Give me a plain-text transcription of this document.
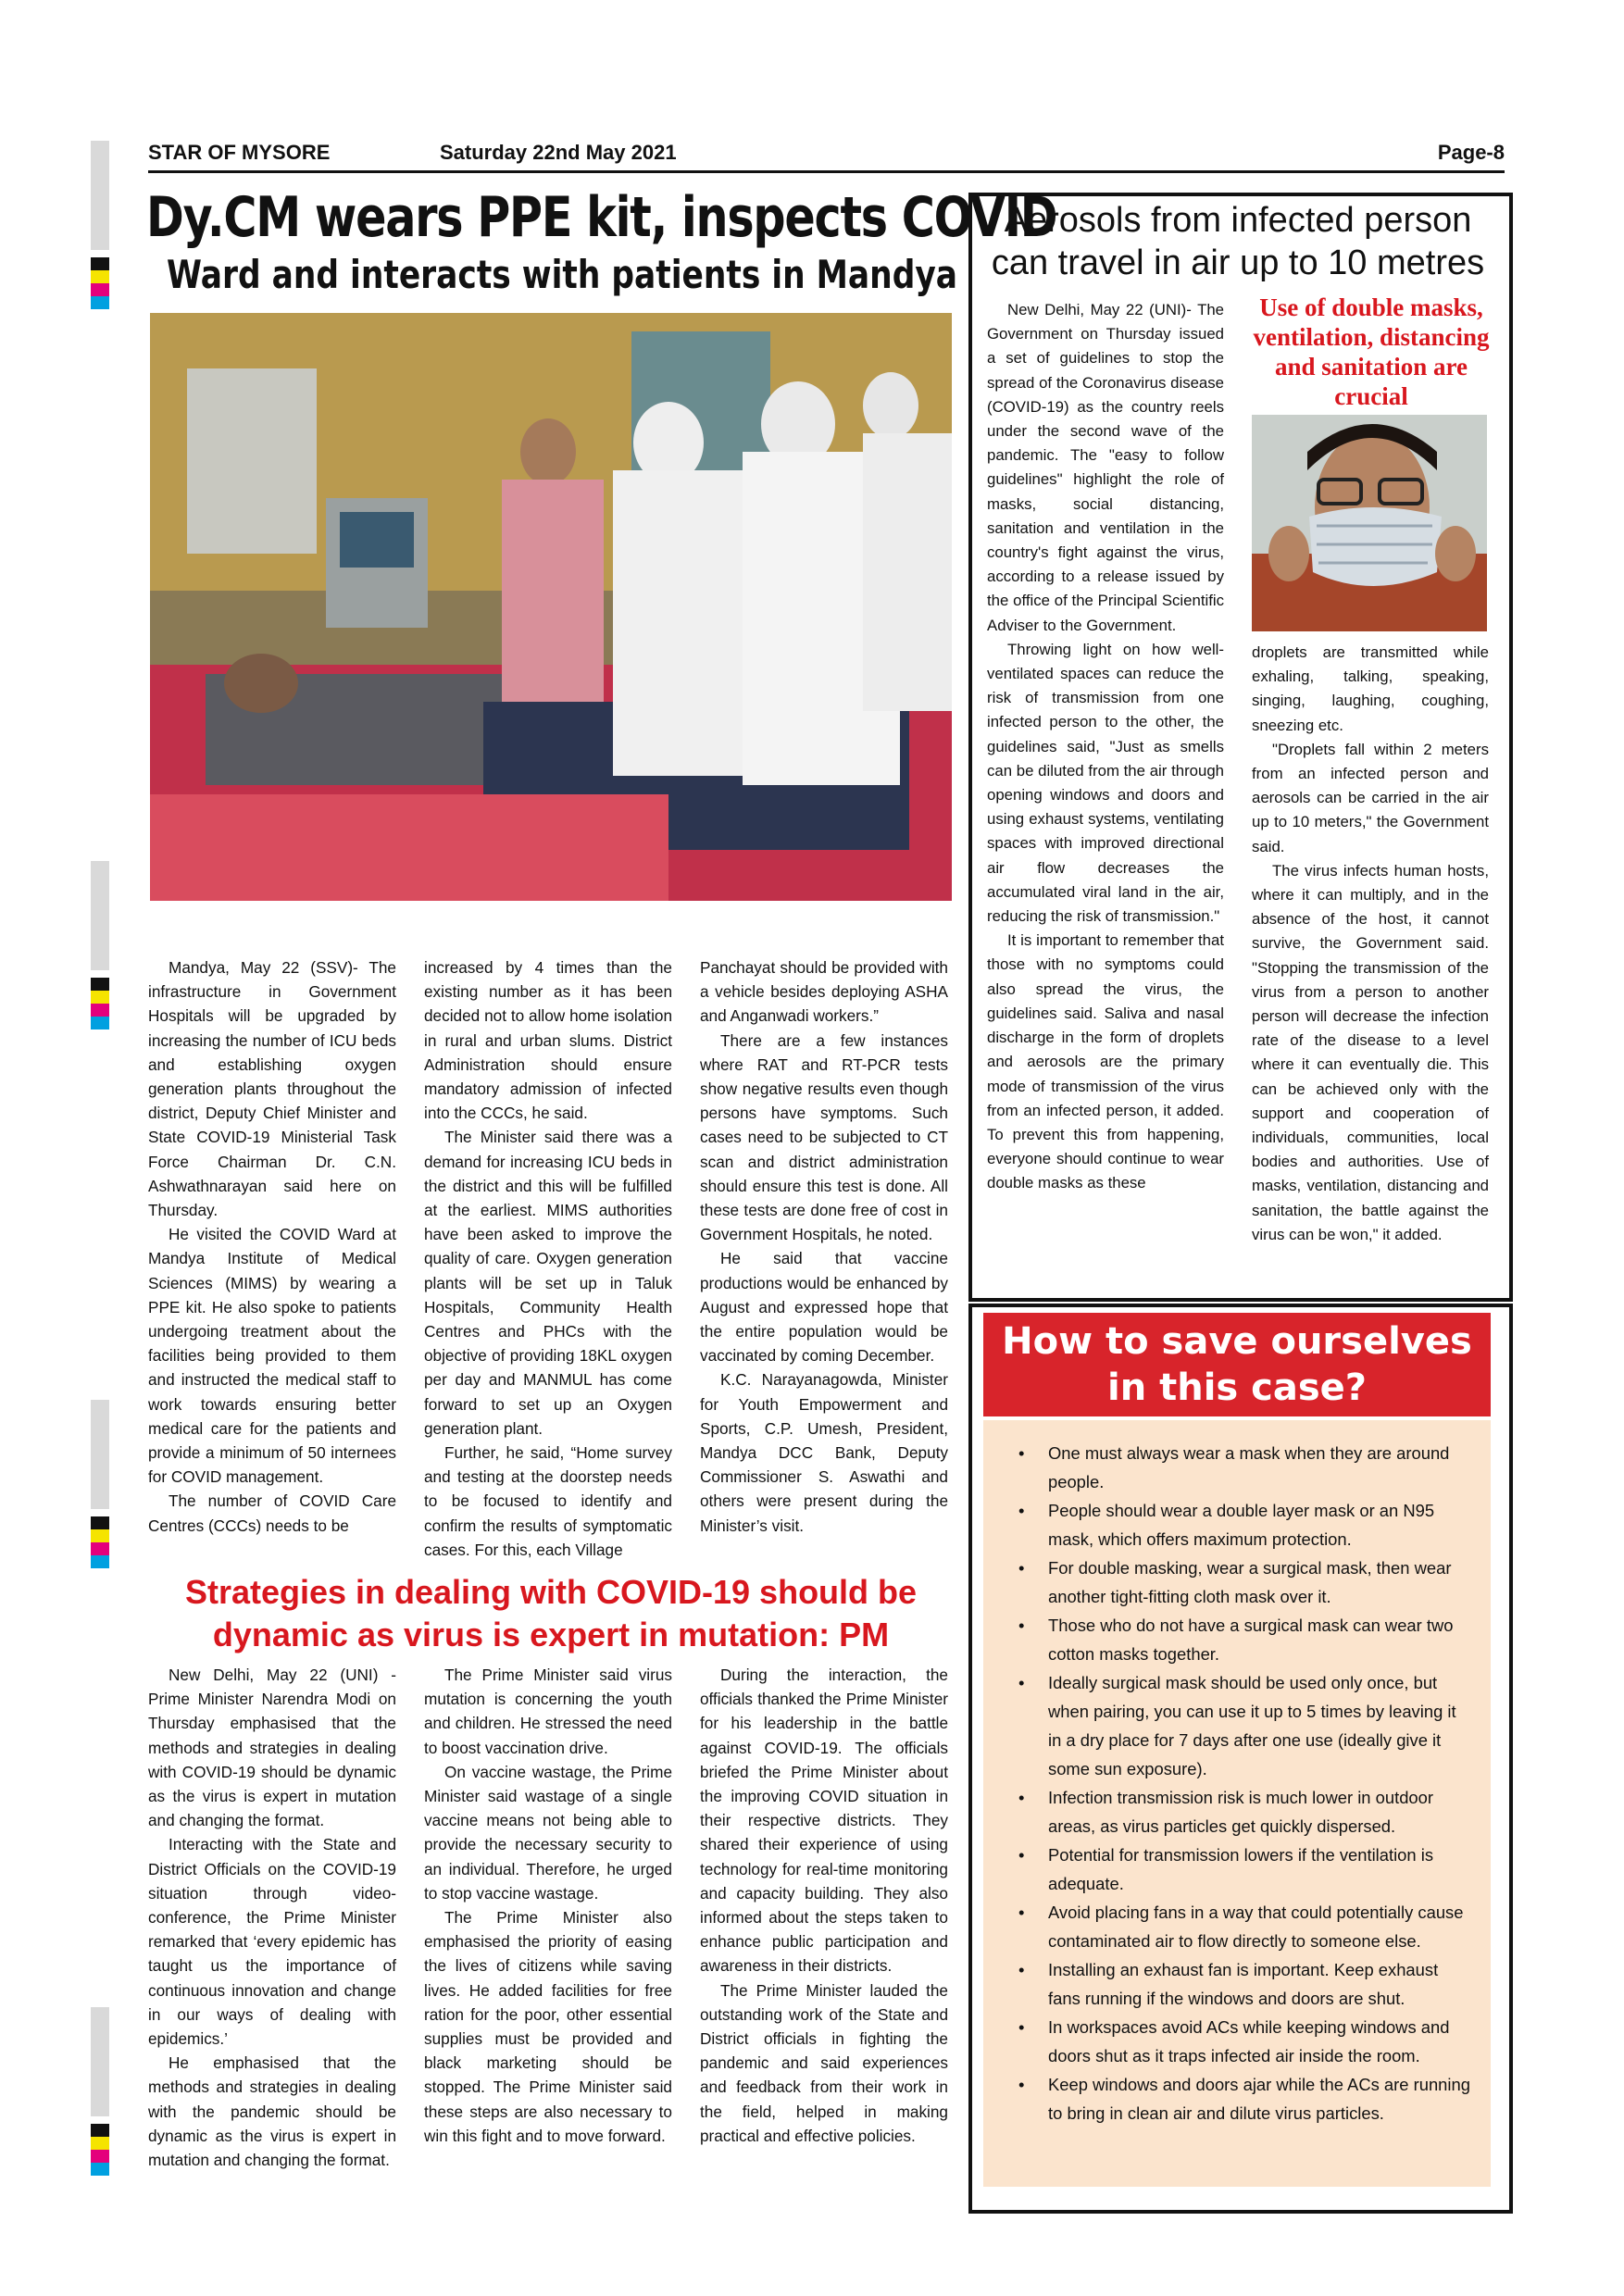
STAR OF MYSORE	Saturday 22nd May 2021	Page-8
Dy.CM wears PPE kit, inspects COVID
Ward and interacts with patients in Mandya

Mandya, May 22 (SSV)- The infrastructure in Government Hospitals will be upgraded by increasing the number of ICU beds and establishing oxygen generation plants throughout the district, Deputy Chief Minister and State COVID-19 Ministerial Task Force Chairman Dr. C.N. Ashwathnarayan said here on Thursday.

He visited the COVID Ward at Mandya Institute of Medical Sciences (MIMS) by wearing a PPE kit. He also spoke to patients undergoing treatment about the facilities being provided to them and instructed the medical staff to work towards ensuring better medical care for the patients and provide a minimum of 50 internees for COVID management.

The number of COVID Care Centres (CCCs) needs to be

increased by 4 times than the existing number as it has been decided not to allow home isolation in rural and urban slums. District Administration should ensure mandatory admission of infected into the CCCs, he said.

The Minister said there was a demand for increasing ICU beds in the district and this will be fulfilled at the earliest. MIMS authorities have been asked to improve the quality of care. Oxygen generation plants will be set up in Taluk Hospitals, Community Health Centres and PHCs with the objective of providing 18KL oxygen per day and MANMUL has come forward to set up an Oxygen generation plant.

Further, he said, “Home survey and testing at the doorstep needs to be focused to identify and confirm the results of symptomatic cases. For this, each Village

Panchayat should be provided with a vehicle besides deploying ASHA and Anganwadi workers.”

There are a few instances where RAT and RT-PCR tests show negative results even though persons have symptoms. Such cases need to be subjected to CT scan and district administration should ensure this test is done. All these tests are done free of cost in Government Hospitals, he noted.

He said that vaccine productions would be enhanced by August and expressed hope that the entire population would be vaccinated by coming December.

K.C. Narayanagowda, Minister for Youth Empowerment and Sports, C.P. Umesh, President, Mandya DCC Bank, Deputy Commissioner S. Aswathi and others were present during the Minister’s visit.

Strategies in dealing with COVID-19 should be
dynamic as virus is expert in mutation: PM

New Delhi, May 22 (UNI) - Prime Minister Narendra Modi on Thursday emphasised that the methods and strategies in dealing with COVID-19 should be dynamic as the virus is expert in mutation and changing the format.

Interacting with the State and District Officials on the COVID-19 situation through video-conference, the Prime Minister remarked that ‘every epidemic has taught us the importance of continuous innovation and change in our ways of dealing with epidemics.’

He emphasised that the methods and strategies in dealing with the pandemic should be dynamic as the virus is expert in mutation and changing the format.

The Prime Minister said virus mutation is concerning the youth and children. He stressed the need to boost vaccination drive.

On vaccine wastage, the Prime Minister said wastage of a single vaccine means not being able to provide the necessary security to an individual. Therefore, he urged to stop vaccine wastage.

The Prime Minister also emphasised the priority of easing the lives of citizens while saving lives. He added facilities for free ration for the poor, other essential supplies must be provided and black marketing should be stopped. The Prime Minister said these steps are also necessary to win this fight and to move forward.

During the interaction, the officials thanked the Prime Minister for his leadership in the battle against COVID-19. The officials briefed the Prime Minister about the improving COVID situation in their respective districts. They shared their experience of using technology for real-time monitoring and capacity building. They also informed about the steps taken to enhance public participation and awareness in their districts.

The Prime Minister lauded the outstanding work of the State and District officials in fighting the pandemic and said experiences and feedback from their work in the field, helped in making practical and effective policies.

Aerosols from infected person can travel in air up to 10 metres

New Delhi, May 22 (UNI)- The Government on Thursday issued a set of guidelines to stop the spread of the Coronavirus disease (COVID-19) as the country reels under the second wave of the pandemic. The "easy to follow guidelines" highlight the role of masks, social distancing, sanitation and ventilation in the country's fight against the virus, according to a release issued by the office of the Principal Scientific Adviser to the Government.

Throwing light on how well-ventilated spaces can reduce the risk of transmission from one infected person to the other, the guidelines said, "Just as smells can be diluted from the air through opening windows and doors and using exhaust systems, ventilating spaces with improved directional air flow decreases the accumulated viral land in the air, reducing the risk of transmission."

It is important to remember that those with no symptoms could also spread the virus, the guidelines said. Saliva and nasal discharge in the form of droplets and aerosols are the primary mode of transmission of the virus from an infected person, it added. To prevent this from happening, everyone should continue to wear double masks as these

Use of double masks, ventilation, distancing and sanitation are crucial

droplets are transmitted while exhaling, talking, speaking, singing, laughing, coughing, sneezing etc.

"Droplets fall within 2 meters from an infected person and aerosols can be carried in the air up to 10 meters," the Government said.

The virus infects human hosts, where it can multiply, and in the absence of the host, it cannot survive, the Government said. "Stopping the transmission of the virus from a person to another person will decrease the infection rate of the disease to a level where it can eventually die. This can be achieved only with the support and cooperation of individuals, communities, local bodies and authorities. Use of masks, ventilation, distancing and sanitation, the battle against the virus can be won," it added.

How to save ourselves in this case?
• One must always wear a mask when they are around people.
• People should wear a double layer mask or an N95 mask, which offers maximum protection.
• For double masking, wear a surgical mask, then wear another tight-fitting cloth mask over it.
• Those who do not have a surgical mask can wear two cotton masks together.
• Ideally surgical mask should be used only once, but when pairing, you can use it up to 5 times by leaving it in a dry place for 7 days after one use (ideally give it some sun exposure).
• Infection transmission risk is much lower in outdoor areas, as virus particles get quickly dispersed.
• Potential for transmission lowers if the ventilation is adequate.
• Avoid placing fans in a way that could potentially cause contaminated air to flow directly to someone else.
• Installing an exhaust fan is important. Keep exhaust fans running if the windows and doors are shut.
• In workspaces avoid ACs while keeping windows and doors shut as it traps infected air inside the room.
• Keep windows and doors ajar while the ACs are running to bring in clean air and dilute virus particles.
